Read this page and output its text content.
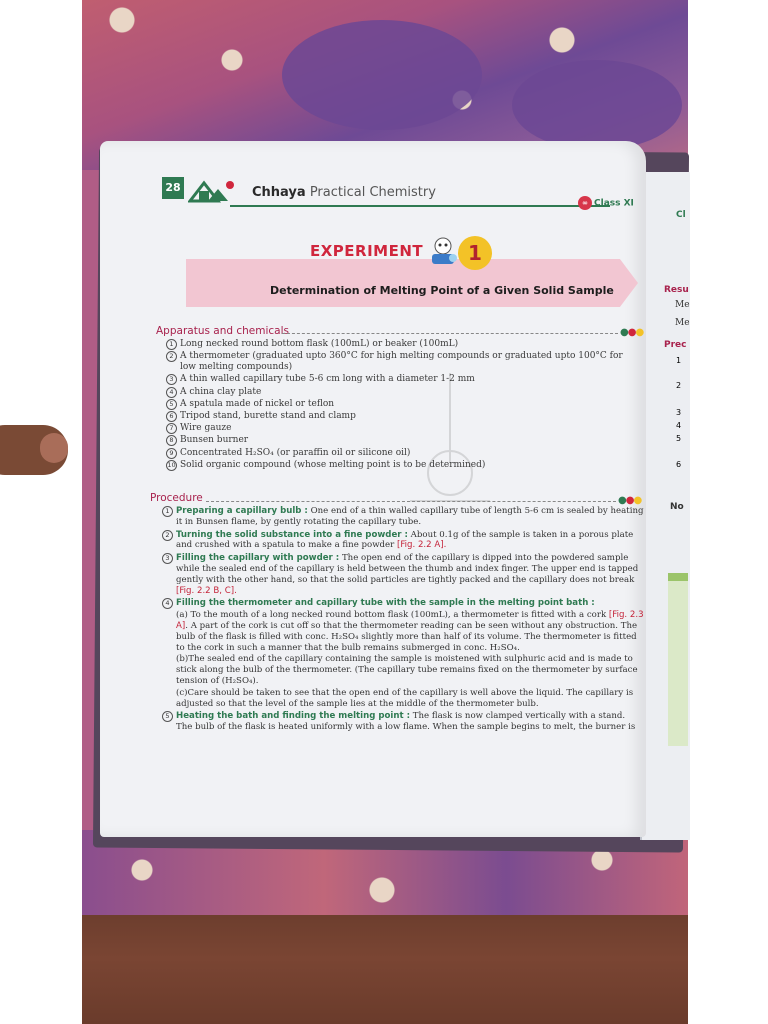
Cl
Resu
Me
Me
Prec
1
2
3
4
5
6
No
28	Chhaya Practical Chemistry
∞ Class XI
EXPERIMENT	1
Determination of Melting Point of a Given Solid Sample
Apparatus and chemicals	●●●
1 Long necked round bottom flask (100mL) or beaker (100mL)
2 A thermometer (graduated upto 360°C for high melting compounds or graduated upto 100°C for low melting compounds)
3 A thin walled capillary tube 5-6 cm long with a diameter 1-2 mm
4 A china clay plate
5 A spatula made of nickel or teflon
6 Tripod stand, burette stand and clamp
7 Wire gauze
8 Bunsen burner
9 Concentrated H₂SO₄ (or paraffin oil or silicone oil)
10 Solid organic compound (whose melting point is to be determined)
Procedure	●●●
1 Preparing a capillary bulb : One end of a thin walled capillary tube of length 5-6 cm is sealed by heating it in Bunsen flame, by gently rotating the capillary tube.
2 Turning the solid substance into a fine powder : About 0.1g of the sample is taken in a porous plate and crushed with a spatula to make a fine powder [Fig. 2.2 A].
3 Filling the capillary with powder : The open end of the capillary is dipped into the powdered sample while the sealed end of the capillary is held between the thumb and index finger. The upper end is tapped gently with the other hand, so that the solid particles are tightly packed and the capillary does not break [Fig. 2.2 B, C].
4 Filling the thermometer and capillary tube with the sample in the melting point bath :
(a) To the mouth of a long necked round bottom flask (100mL), a thermometer is fitted with a cork [Fig. 2.3 A]. A part of the cork is cut off so that the thermometer reading can be seen without any obstruction. The bulb of the flask is filled with conc. H₂SO₄ slightly more than half of its volume. The thermometer is fitted to the cork in such a manner that the bulb remains submerged in conc. H₂SO₄.
(b)The sealed end of the capillary containing the sample is moistened with sulphuric acid and is made to stick along the bulb of the thermometer. (The capillary tube remains fixed on the thermometer by surface tension of (H₂SO₄).
(c)Care should be taken to see that the open end of the capillary is well above the liquid. The capillary is adjusted so that the level of the sample lies at the middle of the thermometer bulb.
5 Heating the bath and finding the melting point : The flask is now clamped vertically with a stand. The bulb of the flask is heated uniformly with a low flame. When the sample begins to melt, the burner is
